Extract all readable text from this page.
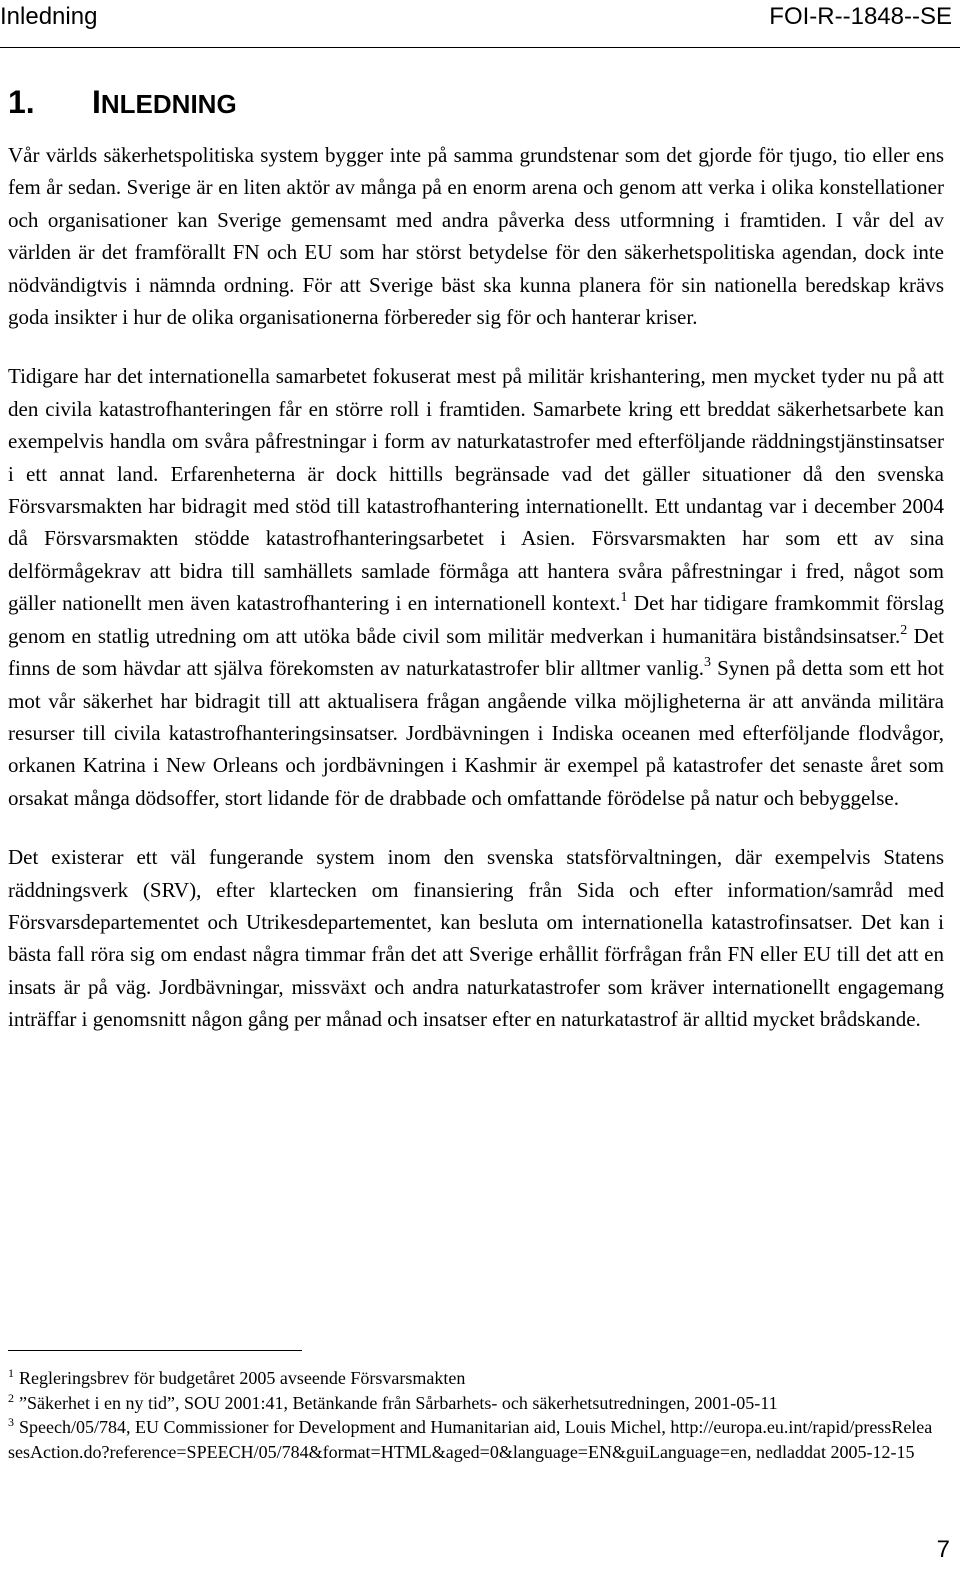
Inledning	FOI-R--1848--SE
1. INLEDNING

Vår världs säkerhetspolitiska system bygger inte på samma grundstenar som det gjorde för tjugo, tio eller ens fem år sedan. Sverige är en liten aktör av många på en enorm arena och genom att verka i olika konstellationer och organisationer kan Sverige gemensamt med andra påverka dess utformning i framtiden. I vår del av världen är det framförallt FN och EU som har störst betydelse för den säkerhetspolitiska agendan, dock inte nödvändigtvis i nämnda ordning. För att Sverige bäst ska kunna planera för sin nationella beredskap krävs goda insikter i hur de olika organisationerna förbereder sig för och hanterar kriser.

Tidigare har det internationella samarbetet fokuserat mest på militär krishantering, men mycket tyder nu på att den civila katastrofhanteringen får en större roll i framtiden. Samarbete kring ett breddat säkerhetsarbete kan exempelvis handla om svåra påfrestningar i form av naturkatastrofer med efterföljande räddningstjänstinsatser i ett annat land. Erfarenheterna är dock hittills begränsade vad det gäller situationer då den svenska Försvarsmakten har bidragit med stöd till katastrofhantering internationellt. Ett undantag var i december 2004 då Försvarsmakten stödde katastrofhanteringsarbetet i Asien. Försvarsmakten har som ett av sina delförmågekrav att bidra till samhällets samlade förmåga att hantera svåra påfrestningar i fred, något som gäller nationellt men även katastrofhantering i en internationell kontext.$^1$ Det har tidigare framkommit förslag genom en statlig utredning om att utöka både civil som militär medverkan i humanitära biståndsinsatser.$^2$ Det finns de som hävdar att själva förekomsten av naturkatastrofer blir alltmer vanlig.$^3$ Synen på detta som ett hot mot vår säkerhet har bidragit till att aktualisera frågan angående vilka möjligheterna är att använda militära resurser till civila katastrofhanteringsinsatser. Jordbävningen i Indiska oceanen med efterföljande flodvågor, orkanen Katrina i New Orleans och jordbävningen i Kashmir är exempel på katastrofer det senaste året som orsakat många dödsoffer, stort lidande för de drabbade och omfattande förödelse på natur och bebyggelse.

Det existerar ett väl fungerande system inom den svenska statsförvaltningen, där exempelvis Statens räddningsverk (SRV), efter klartecken om finansiering från Sida och efter information/samråd med Försvarsdepartementet och Utrikesdepartementet, kan besluta om internationella katastrofinsatser. Det kan i bästa fall röra sig om endast några timmar från det att Sverige erhållit förfrågan från FN eller EU till det att en insats är på väg. Jordbävningar, missväxt och andra naturkatastrofer som kräver internationellt engagemang inträffar i genomsnitt någon gång per månad och insatser efter en naturkatastrof är alltid mycket brådskande.

$^1$ Regleringsbrev för budgetåret 2005 avseende Försvarsmakten

$^2$ ”Säkerhet i en ny tid”, SOU 2001:41, Betänkande från Sårbarhets- och säkerhetsutredningen, 2001-05-11

$^3$ Speech/05/784, EU Commissioner for Development and Humanitarian aid, Louis Michel, http://europa.eu.int/rapid/pressReleasesAction.do?reference=SPEECH/05/784&format=HTML&aged=0&language=EN&guiLanguage=en, nedladdat 2005-12-15

7
